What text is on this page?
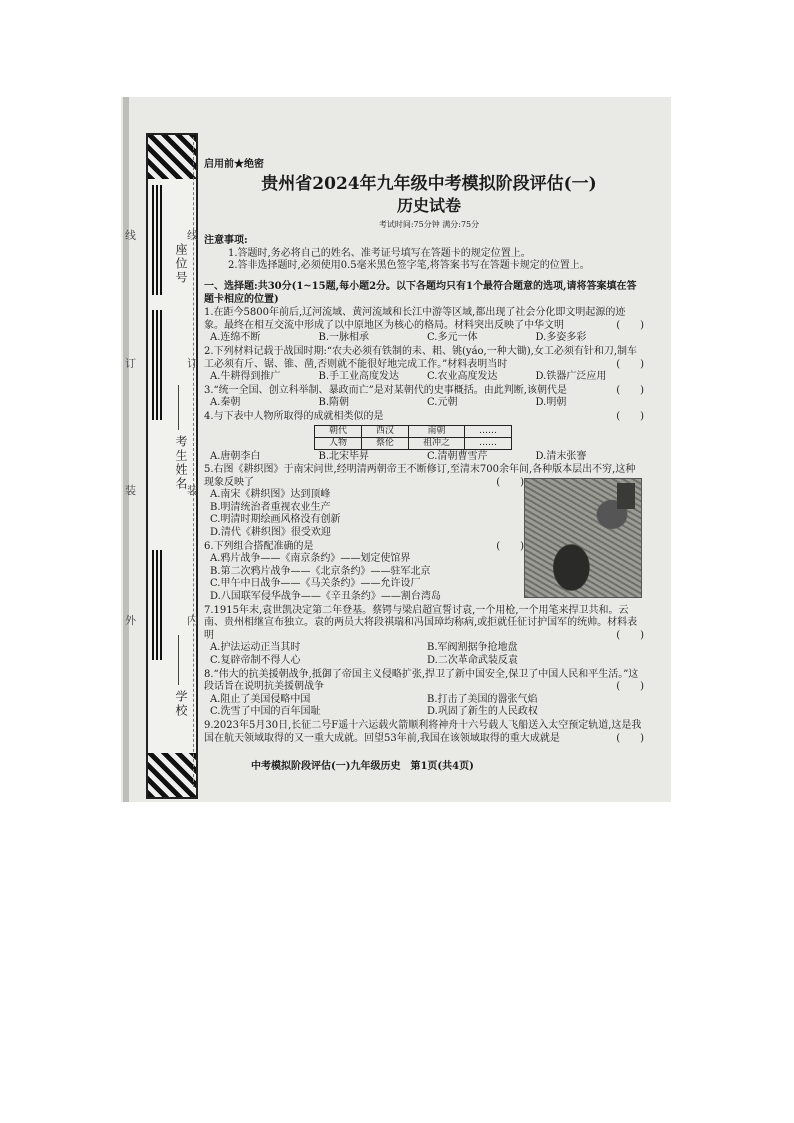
线
订
装
外
座位号
考生姓名
学校
线
订
装
内
启用前★绝密
贵州省2024年九年级中考模拟阶段评估(一)
历史试卷
考试时间:75分钟 满分:75分
注意事项:
1.答题时,务必将自己的姓名、准考证号填写在答题卡的规定位置上。
2.答非选择题时,必须使用0.5毫米黑色签字笔,将答案书写在答题卡规定的位置上。
一、选择题:共30分(1~15题,每小题2分。以下各题均只有1个最符合题意的选项,请将答案填在答题卡相应的位置)
1.在距今5800年前后,辽河流域、黄河流域和长江中游等区域,都出现了社会分化即文明起源的迹象。最终在相互交流中形成了以中原地区为核心的格局。材料突出反映了中华文明	(　　)
A.连绵不断	B.一脉相承	C.多元一体	D.多姿多彩
2.下列材料记载于战国时期:“农夫必须有铁制的耒、耜、铫(yáo,一种大锄),女工必须有针和刀,制车工必须有斤、锯、锥、凿,否则就不能很好地完成工作。”材料表明当时	(　　)
A.牛耕得到推广	B.手工业高度发达	C.农业高度发达	D.铁器广泛应用
3.“统一全国、创立科举制、暴政而亡”是对某朝代的史事概括。由此判断,该朝代是	(　　)
A.秦朝	B.隋朝	C.元朝	D.明朝
4.与下表中人物所取得的成就相类似的是	(　　)
朝代	西汉	南朝	……
人物	蔡伦	祖冲之	……
A.唐朝李白	B.北宋毕昇	C.清朝曹雪芹	D.清末张謇
5.右图《耕织图》于南宋问世,经明清两朝帝王不断修订,至清末700余年间,各种版本层出不穷,这种现象反映了	(　　)
A.南宋《耕织图》达到顶峰
B.明清统治者重视农业生产
C.明清时期绘画风格没有创新
D.清代《耕织图》很受欢迎
6.下列组合搭配准确的是	(　　)
A.鸦片战争——《南京条约》——划定使馆界
B.第二次鸦片战争——《北京条约》——驻军北京
C.甲午中日战争——《马关条约》——允许设厂
D.八国联军侵华战争——《辛丑条约》——割台湾岛
7.1915年末,袁世凯决定第二年登基。蔡锷与梁启超宣誓讨袁,一个用枪,一个用笔来捍卫共和。云南、贵州相继宣布独立。袁的两员大将段祺瑞和冯国璋均称病,或拒就任征讨护国军的统帅。材料表明	(　　)
A.护法运动正当其时	B.军阀割据争抢地盘
C.复辟帝制不得人心	D.二次革命武装反袁
8.“伟大的抗美援朝战争,抵御了帝国主义侵略扩张,捍卫了新中国安全,保卫了中国人民和平生活。”这段话旨在说明抗美援朝战争	(　　)
A.阻止了美国侵略中国	B.打击了美国的嚣张气焰
C.洗雪了中国的百年国耻	D.巩固了新生的人民政权
9.2023年5月30日,长征二号F遥十六运载火箭顺利将神舟十六号载人飞船送入太空预定轨道,这是我国在航天领域取得的又一重大成就。回望53年前,我国在该领域取得的重大成就是	(　　)
中考模拟阶段评估(一)九年级历史　第1页(共4页)
